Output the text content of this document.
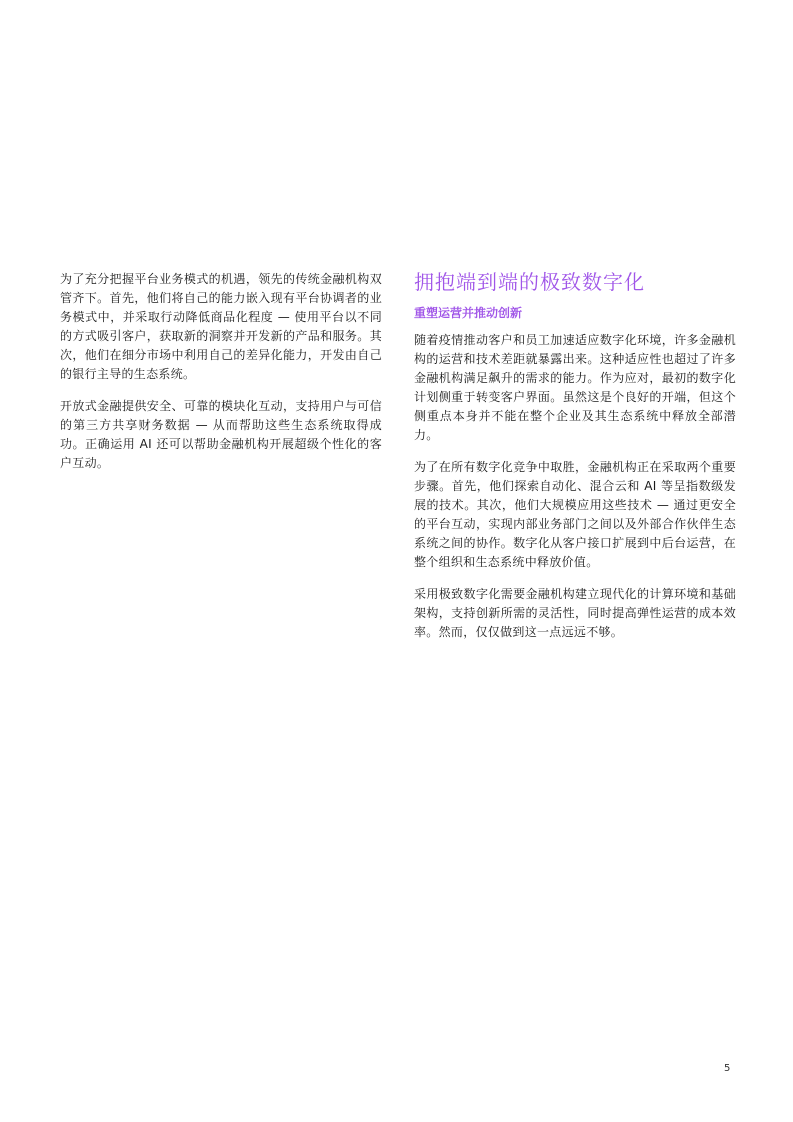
为了充分把握平台业务模式的机遇，领先的传统金融机构双管齐下。首先，他们将自己的能力嵌入现有平台协调者的业务模式中，并采取行动降低商品化程度 — 使用平台以不同的方式吸引客户，获取新的洞察并开发新的产品和服务。其次，他们在细分市场中利用自己的差异化能力，开发由自己的银行主导的生态系统。

开放式金融提供安全、可靠的模块化互动，支持用户与可信的第三方共享财务数据 — 从而帮助这些生态系统取得成功。正确运用 AI 还可以帮助金融机构开展超级个性化的客户互动。

拥抱端到端的极致数字化
重塑运营并推动创新

随着疫情推动客户和员工加速适应数字化环境，许多金融机构的运营和技术差距就暴露出来。这种适应性也超过了许多金融机构满足飙升的需求的能力。作为应对，最初的数字化计划侧重于转变客户界面。虽然这是个良好的开端，但这个侧重点本身并不能在整个企业及其生态系统中释放全部潜力。

为了在所有数字化竞争中取胜，金融机构正在采取两个重要步骤。首先，他们探索自动化、混合云和 AI 等呈指数级发展的技术。其次，他们大规模应用这些技术 — 通过更安全的平台互动，实现内部业务部门之间以及外部合作伙伴生态系统之间的协作。数字化从客户接口扩展到中后台运营，在整个组织和生态系统中释放价值。

采用极致数字化需要金融机构建立现代化的计算环境和基础架构，支持创新所需的灵活性，同时提高弹性运营的成本效率。然而，仅仅做到这一点远远不够。

5
